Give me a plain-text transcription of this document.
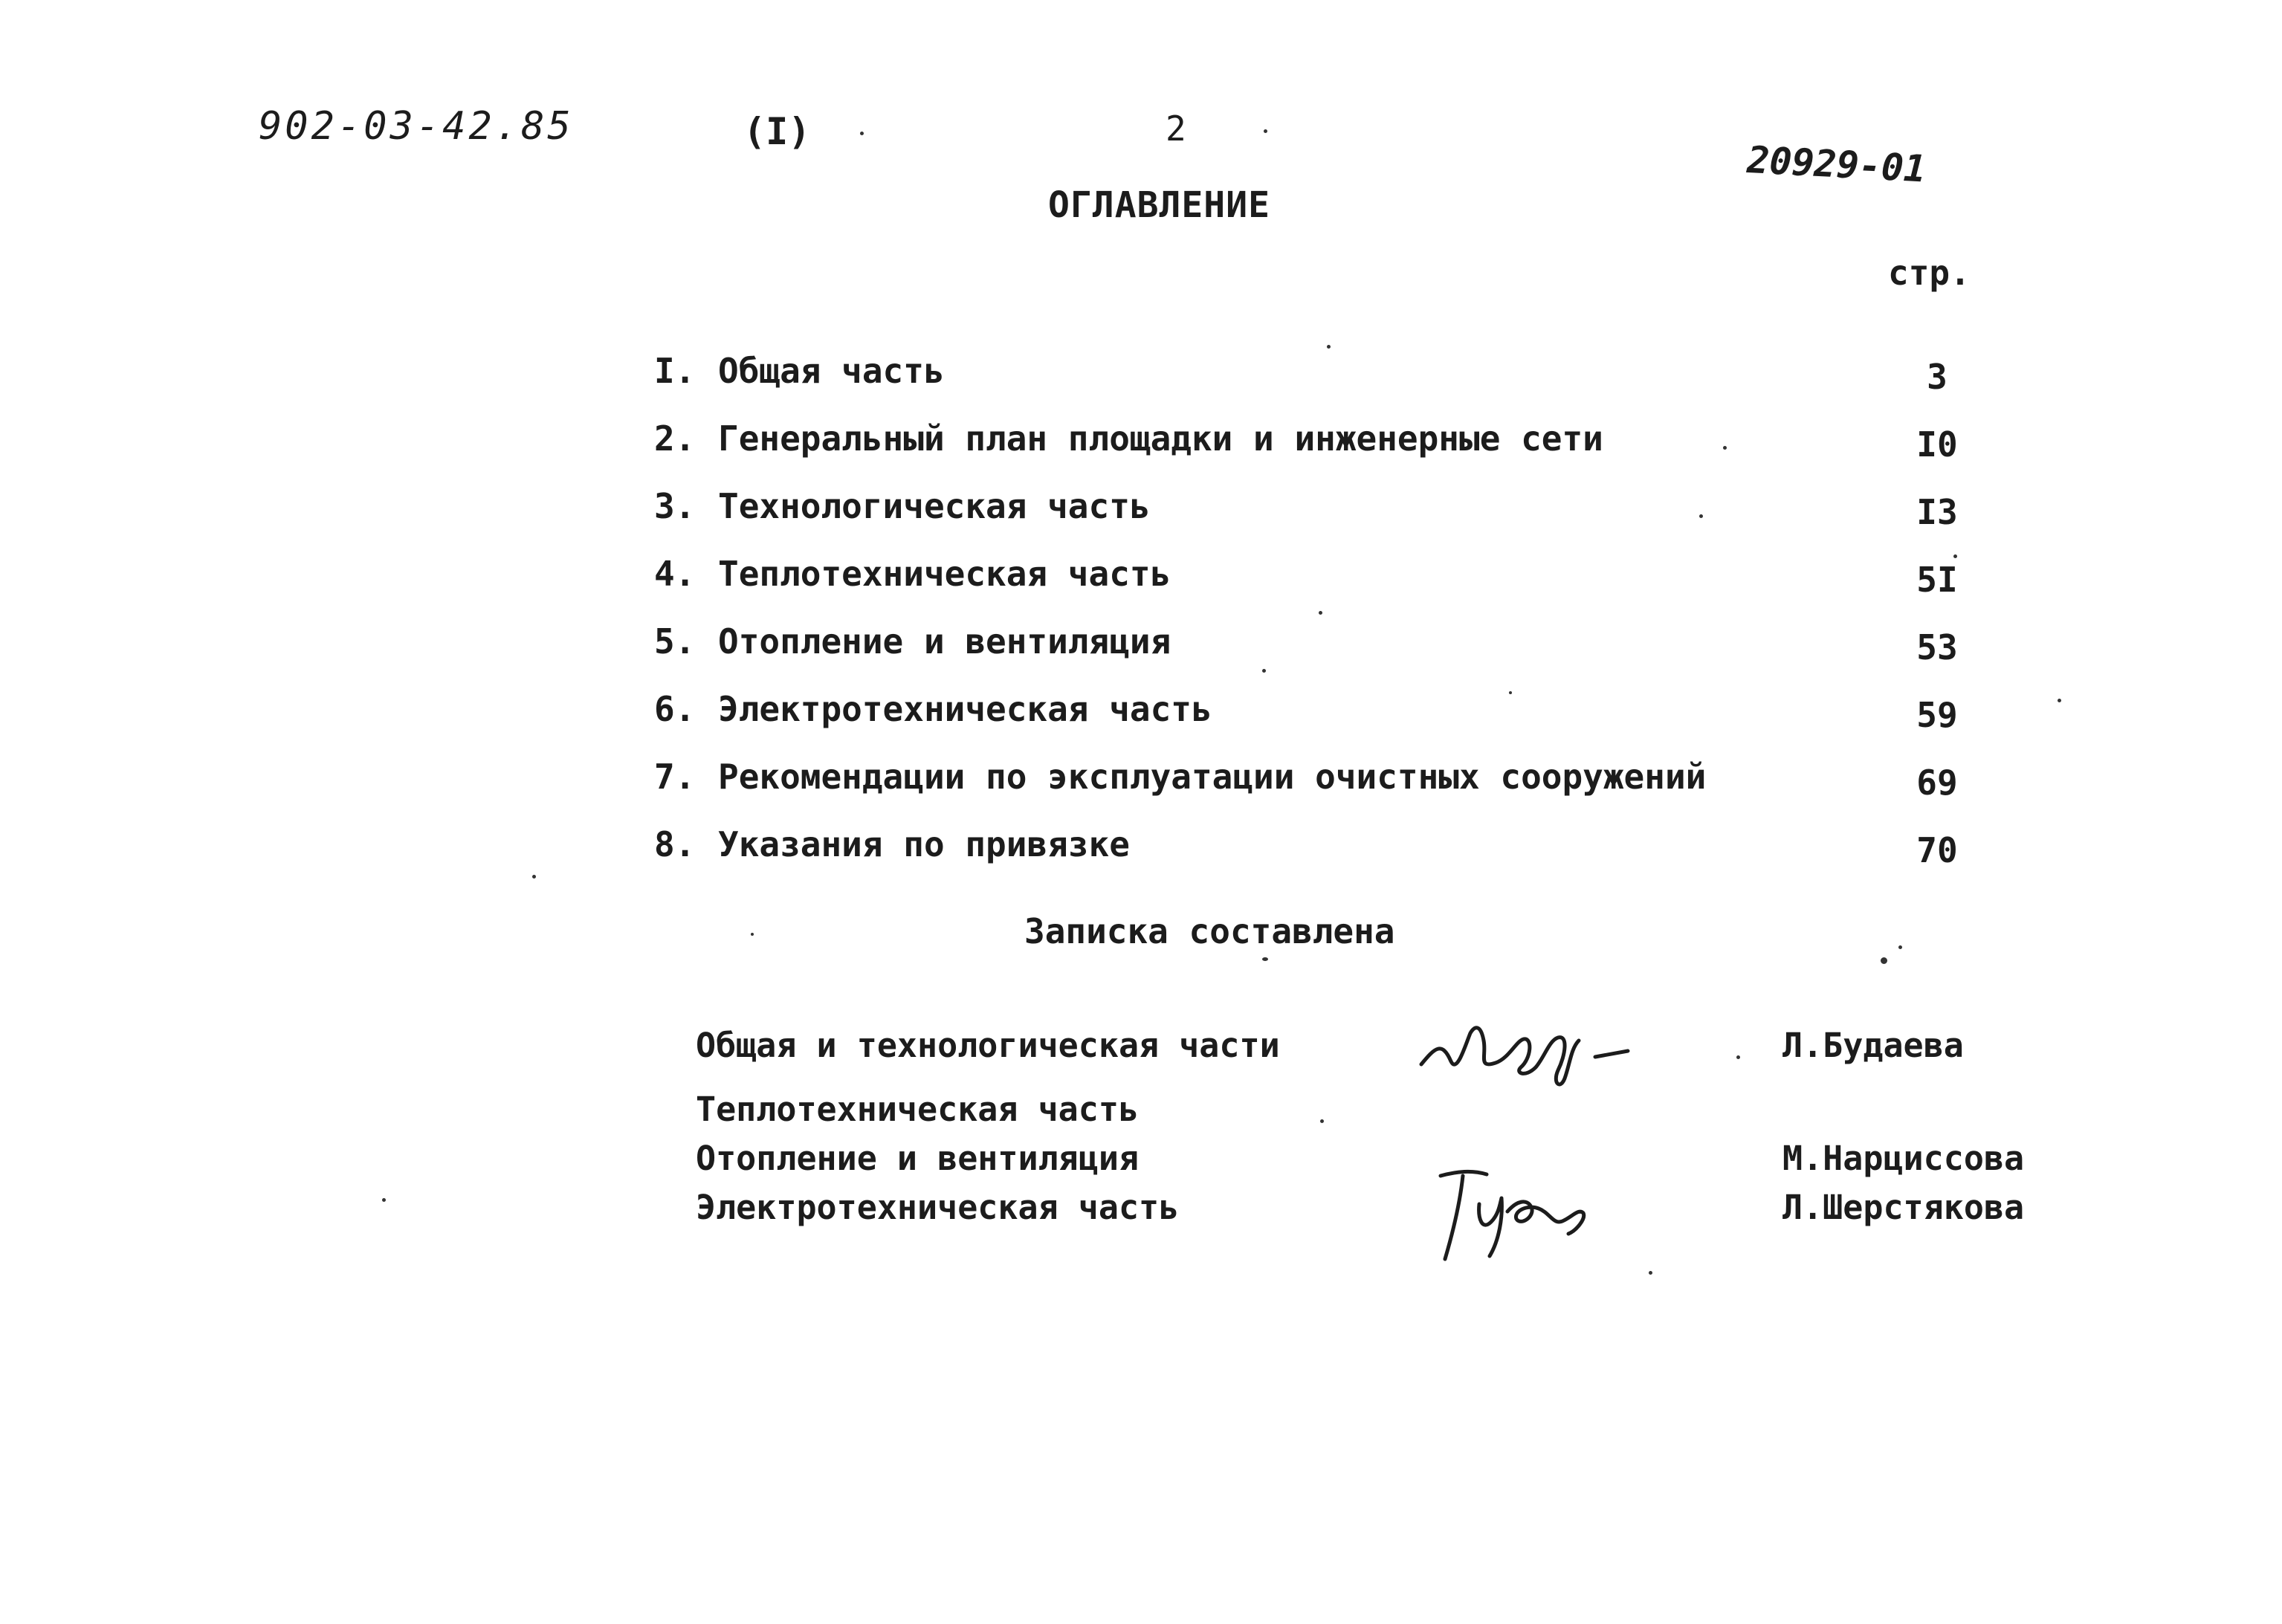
902-03-42.85	(I)	2
20929-01
ОГЛАВЛЕНИЕ
стр.
I. Общая часть	3
2. Генеральный план площадки и инженерные сети	I0
3. Технологическая часть	I3
4. Теплотехническая часть	5I
5. Отопление и вентиляция	53
6. Электротехническая часть	59
7. Рекомендации по эксплуатации очистных сооружений	69
8. Указания по привязке	70
Записка составлена
Общая и технологическая части	Л.Будаева
Теплотехническая часть
Отопление и вентиляция	М.Нарциссова
Электротехническая часть	Л.Шерстякова
